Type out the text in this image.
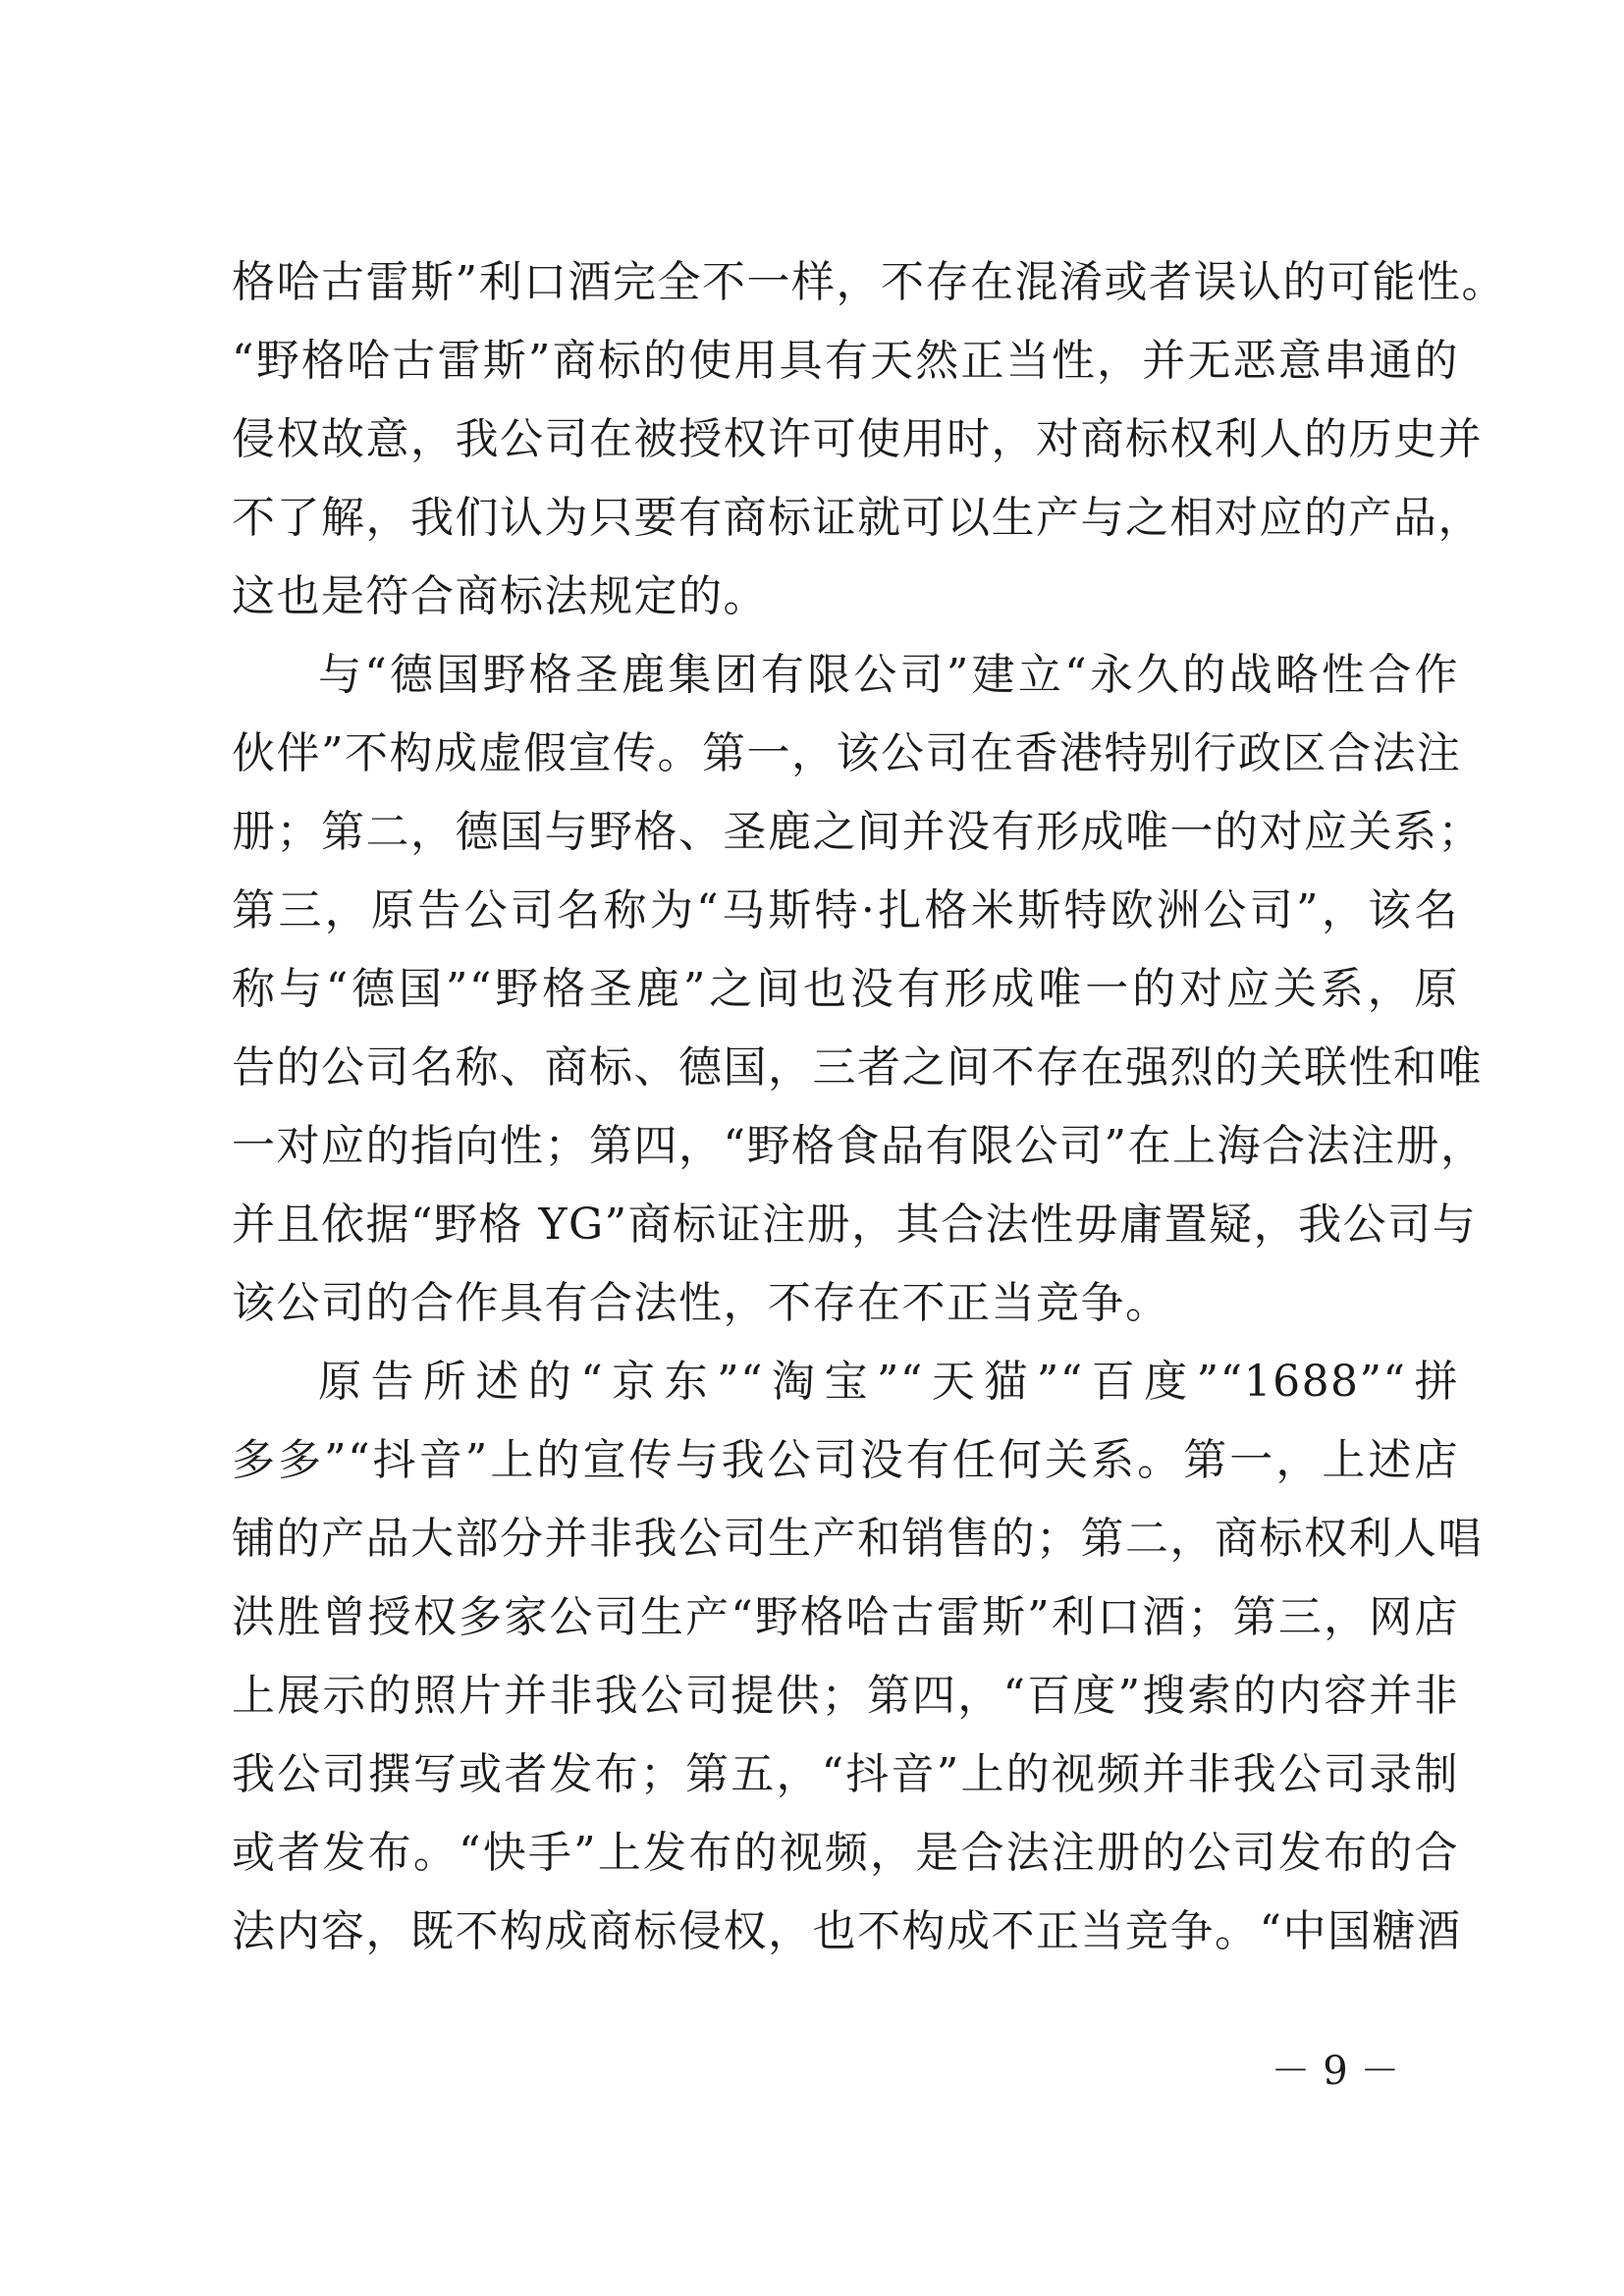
格哈古雷斯”利口酒完全不一样，不存在混淆或者误认的可能性。
“野格哈古雷斯”商标的使用具有天然正当性，并无恶意串通的
侵权故意，我公司在被授权许可使用时，对商标权利人的历史并
不了解，我们认为只要有商标证就可以生产与之相对应的产品，
这也是符合商标法规定的。
与“德国野格圣鹿集团有限公司”建立“永久的战略性合作
伙伴”不构成虚假宣传。第一，该公司在香港特别行政区合法注
册；第二，德国与野格、圣鹿之间并没有形成唯一的对应关系；
第三，原告公司名称为“马斯特·扎格米斯特欧洲公司”，该名
称与“德国”“野格圣鹿”之间也没有形成唯一的对应关系，原
告的公司名称、商标、德国，三者之间不存在强烈的关联性和唯
一对应的指向性；第四，“野格食品有限公司”在上海合法注册，
并且依据“野格 YG”商标证注册，其合法性毋庸置疑，我公司与
该公司的合作具有合法性，不存在不正当竞争。
原告所述的“京东”“淘宝”“天猫”“百度”“1688”“拼
多多”“抖音”上的宣传与我公司没有任何关系。第一，上述店
铺的产品大部分并非我公司生产和销售的；第二，商标权利人唱
洪胜曾授权多家公司生产“野格哈古雷斯”利口酒；第三，网店
上展示的照片并非我公司提供；第四，“百度”搜索的内容并非
我公司撰写或者发布；第五，“抖音”上的视频并非我公司录制
或者发布。“快手”上发布的视频，是合法注册的公司发布的合
法内容，既不构成商标侵权，也不构成不正当竞争。“中国糖酒
－ 9 －
